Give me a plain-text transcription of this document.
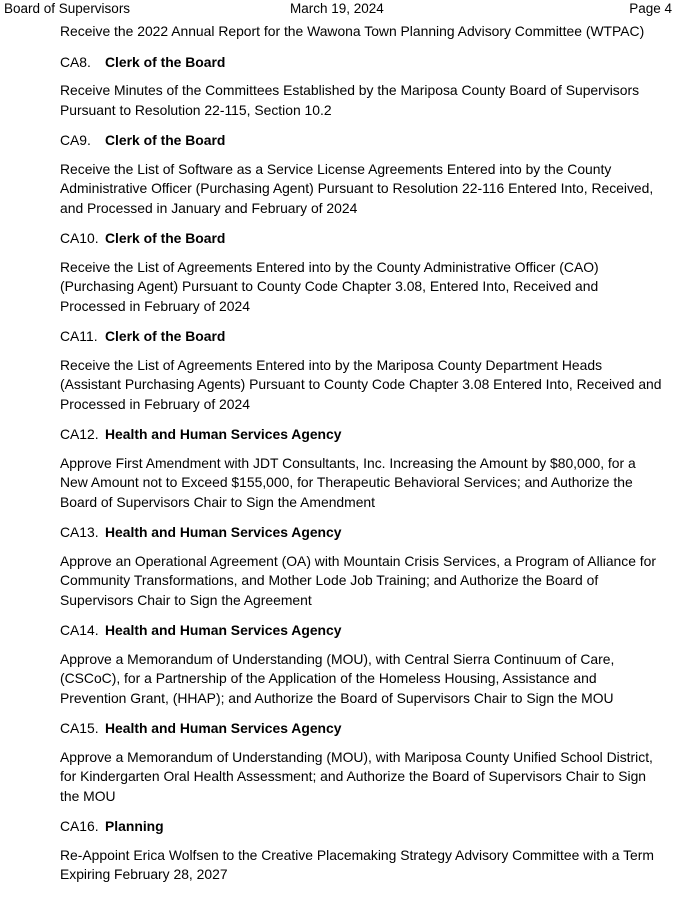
Board of Supervisors	March 19, 2024	Page 4

Receive the 2022 Annual Report for the Wawona Town Planning Advisory Committee (WTPAC)

CA8. Clerk of the Board

Receive Minutes of the Committees Established by the Mariposa County Board of Supervisors Pursuant to Resolution 22-115, Section 10.2

CA9. Clerk of the Board

Receive the List of Software as a Service License Agreements Entered into by the County Administrative Officer (Purchasing Agent) Pursuant to Resolution 22-116 Entered Into, Received, and Processed in January and February of 2024

CA10. Clerk of the Board

Receive the List of Agreements Entered into by the County Administrative Officer (CAO) (Purchasing Agent) Pursuant to County Code Chapter 3.08, Entered Into, Received and Processed in February of 2024

CA11. Clerk of the Board

Receive the List of Agreements Entered into by the Mariposa County Department Heads (Assistant Purchasing Agents) Pursuant to County Code Chapter 3.08 Entered Into, Received and Processed in February of 2024

CA12. Health and Human Services Agency

Approve First Amendment with JDT Consultants, Inc. Increasing the Amount by $80,000, for a New Amount not to Exceed $155,000, for Therapeutic Behavioral Services; and Authorize the Board of Supervisors Chair to Sign the Amendment

CA13. Health and Human Services Agency

Approve an Operational Agreement (OA) with Mountain Crisis Services, a Program of Alliance for Community Transformations, and Mother Lode Job Training; and Authorize the Board of Supervisors Chair to Sign the Agreement

CA14. Health and Human Services Agency

Approve a Memorandum of Understanding (MOU), with Central Sierra Continuum of Care, (CSCoC), for a Partnership of the Application of the Homeless Housing, Assistance and Prevention Grant, (HHAP); and Authorize the Board of Supervisors Chair to Sign the MOU

CA15. Health and Human Services Agency

Approve a Memorandum of Understanding (MOU), with Mariposa County Unified School District, for Kindergarten Oral Health Assessment; and Authorize the Board of Supervisors Chair to Sign the MOU

CA16. Planning

Re-Appoint Erica Wolfsen to the Creative Placemaking Strategy Advisory Committee with a Term Expiring February 28, 2027
